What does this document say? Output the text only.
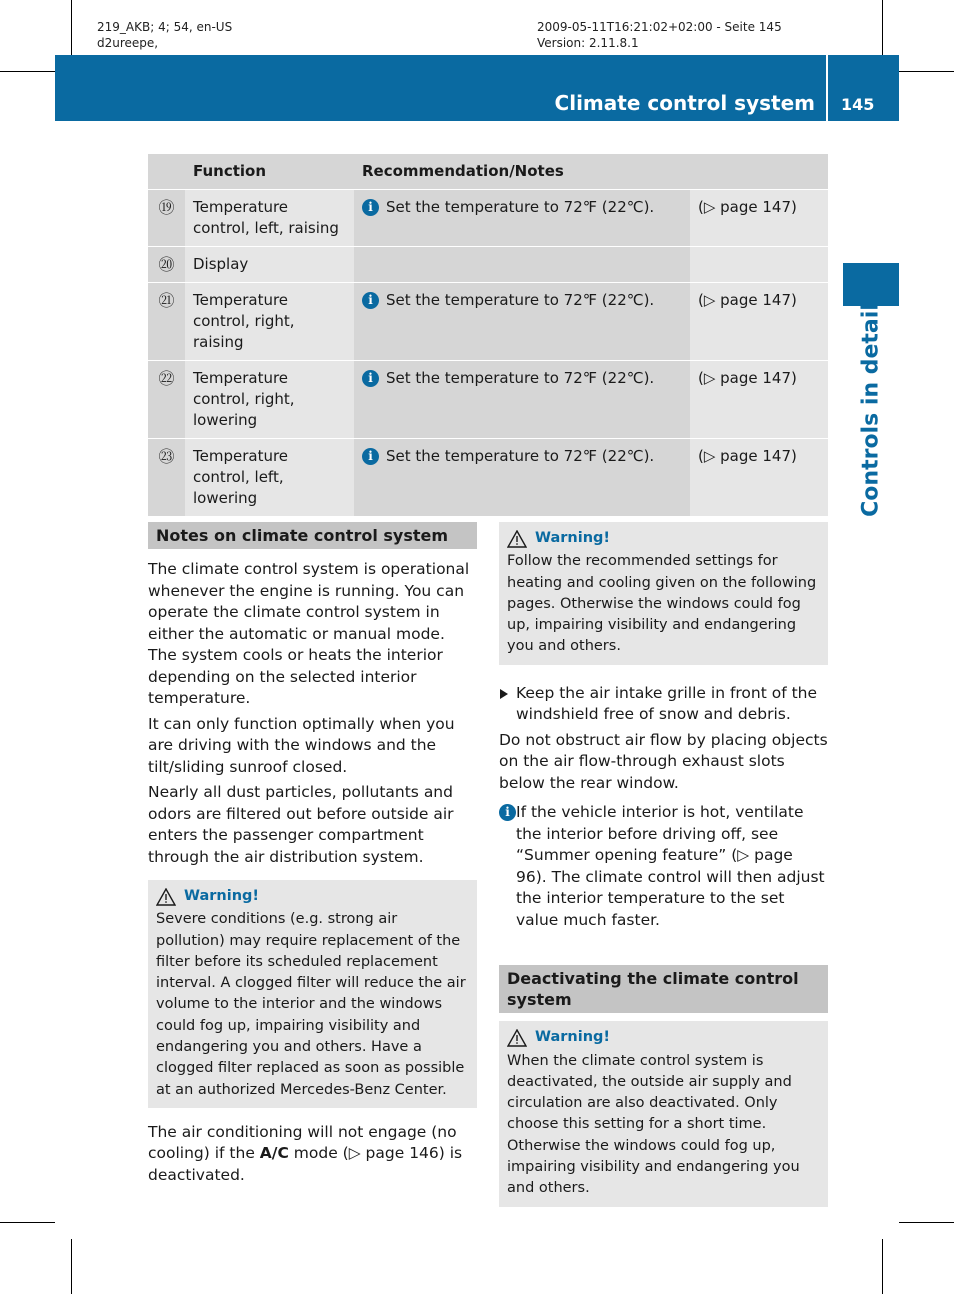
219_AKB; 4; 54, en-US
d2ureepe,
2009-05-11T16:21:02+02:00 - Seite 145
Version: 2.11.8.1
Climate control system 145
Controls in detail
	Function	Recommendation/Notes	
⑲	Temperature control, left, raising	i Set the temperature to 72℉ (22℃).	(▷ page 147)
⑳	Display		
㉑	Temperature control, right, raising	i Set the temperature to 72℉ (22℃).	(▷ page 147)
㉒	Temperature control, right, lowering	i Set the temperature to 72℉ (22℃).	(▷ page 147)
㉓	Temperature control, left, lowering	i Set the temperature to 72℉ (22℃).	(▷ page 147)
Notes on climate control system

The climate control system is operational whenever the engine is running. You can operate the climate control system in either the automatic or manual mode. The system cools or heats the interior depending on the selected interior temperature.

It can only function optimally when you are driving with the windows and the tilt/sliding sunroof closed.

Nearly all dust particles, pollutants and odors are filtered out before outside air enters the passenger compartment through the air distribution system.

Warning!
Severe conditions (e.g. strong air pollution) may require replacement of the filter before its scheduled replacement interval. A clogged filter will reduce the air volume to the interior and the windows could fog up, impairing visibility and endangering you and others. Have a clogged filter replaced as soon as possible at an authorized Mercedes-Benz Center.

The air conditioning will not engage (no cooling) if the A/C mode (▷ page 146) is deactivated.

Warning!
Follow the recommended settings for heating and cooling given on the following pages. Otherwise the windows could fog up, impairing visibility and endangering you and others.

Keep the air intake grille in front of the windshield free of snow and debris.

Do not obstruct air flow by placing objects on the air flow-through exhaust slots below the rear window.

i If the vehicle interior is hot, ventilate the interior before driving off, see “Summer opening feature” (▷ page 96). The climate control will then adjust the interior temperature to the set value much faster.

Deactivating the climate control system
Warning!
When the climate control system is deactivated, the outside air supply and circulation are also deactivated. Only choose this setting for a short time. Otherwise the windows could fog up, impairing visibility and endangering you and others.
